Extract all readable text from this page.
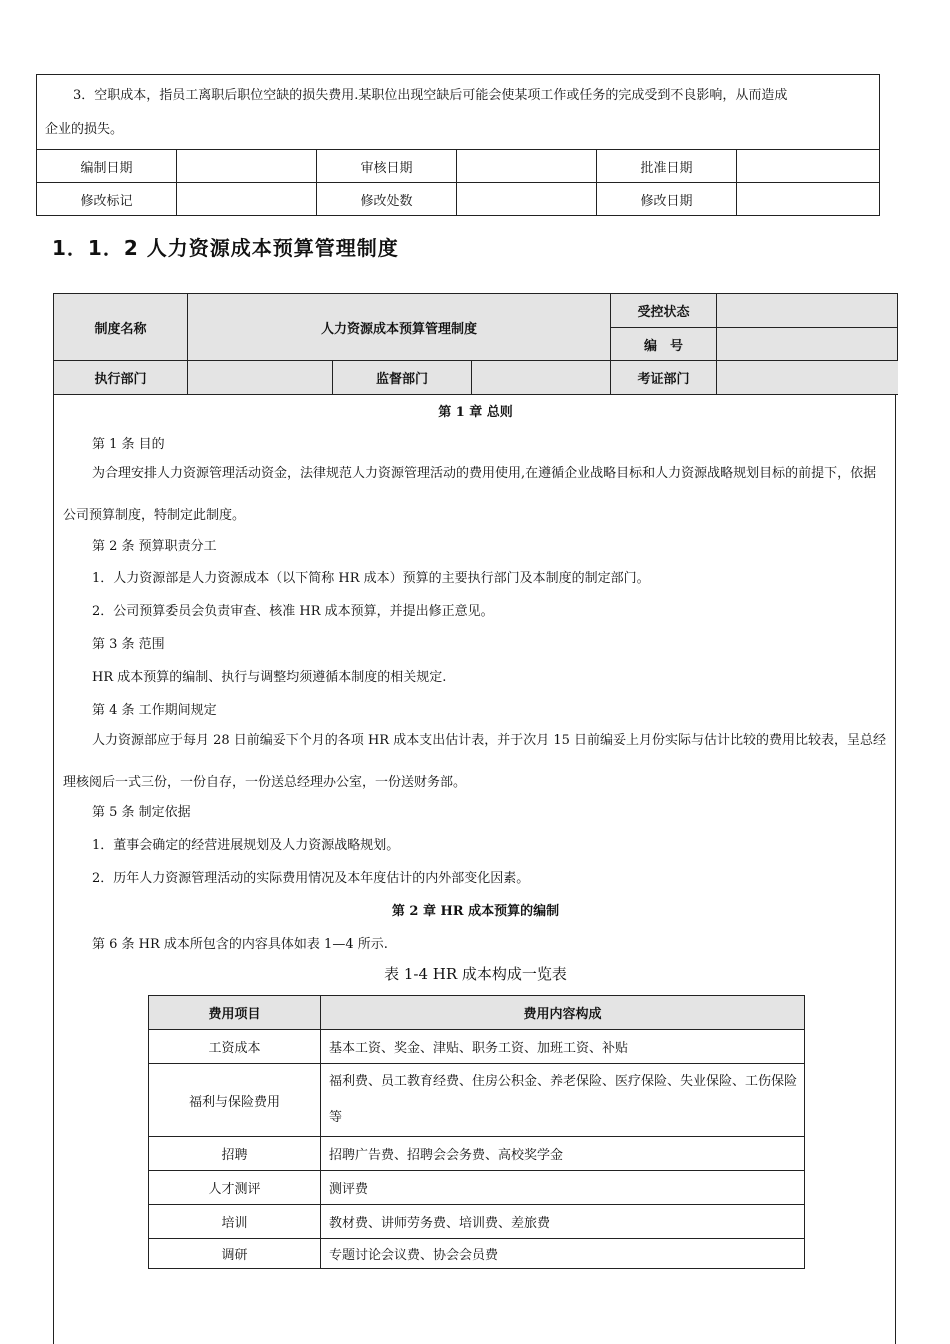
3．空职成本，指员工离职后职位空缺的损失费用.某职位出现空缺后可能会使某项工作或任务的完成受到不良影响，从而造成
企业的损失。					

编制日期		审核日期		批准日期	
修改标记		修改处数		修改日期	
1．1．2 人力资源成本预算管理制度
制度名称	人力资源成本预算管理制度			受控状态	
				编　号	
执行部门		监督部门		考证部门	
第 1 章 总则
第 1 条 目的
为合理安排人力资源管理活动资金，法律规范人力资源管理活动的费用使用,在遵循企业战略目标和人力资源战略规划目标的前提下，依据公司预算制度，特制定此制度。
第 2 条 预算职责分工
1．人力资源部是人力资源成本（以下简称 HR 成本）预算的主要执行部门及本制度的制定部门。
2．公司预算委员会负责审查、核准 HR 成本预算，并提出修正意见。
第 3 条 范围
HR 成本预算的编制、执行与调整均须遵循本制度的相关规定.
第 4 条 工作期间规定
人力资源部应于每月 28 日前编妥下个月的各项 HR 成本支出估计表，并于次月 15 日前编妥上月份实际与估计比较的费用比较表，呈总经理核阅后一式三份，一份自存，一份送总经理办公室，一份送财务部。
第 5 条 制定依据
1．董事会确定的经营进展规划及人力资源战略规划。
2．历年人力资源管理活动的实际费用情况及本年度估计的内外部变化因素。
第 2 章 HR 成本预算的编制
第 6 条 HR 成本所包含的内容具体如表 1—4 所示.
表 1-4 HR 成本构成一览表
费用项目	费用内容构成
工资成本	基本工资、奖金、津贴、职务工资、加班工资、补贴
福利与保险费用	福利费、员工教育经费、住房公积金、养老保险、医疗保险、失业保险、工伤保险等
招聘	招聘广告费、招聘会会务费、高校奖学金
人才测评	测评费
培训	教材费、讲师劳务费、培训费、差旅费
调研	专题讨论会议费、协会会员费
